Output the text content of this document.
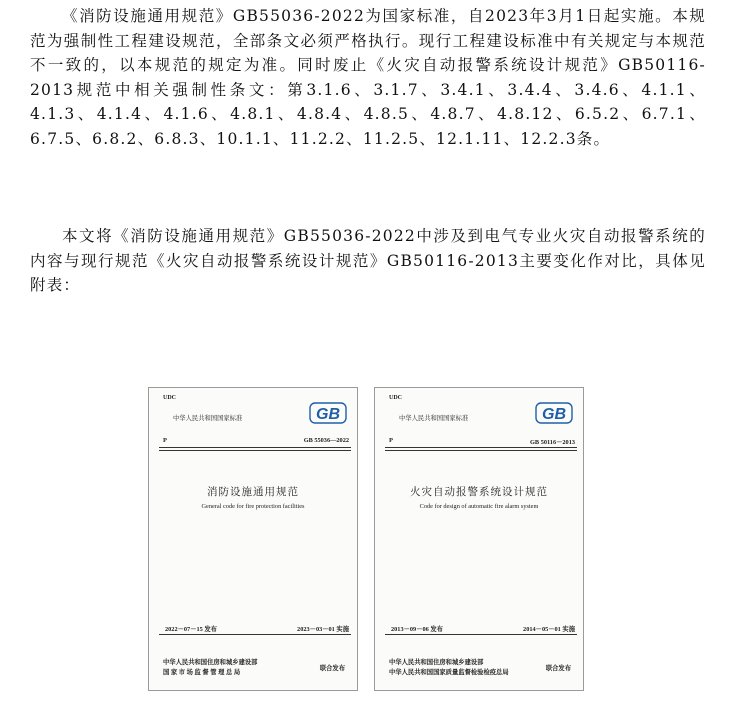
《消防设施通用规范》GB55036-2022为国家标准，自2023年3月1日起实施。本规范为强制性工程建设规范，全部条文必须严格执行。现行工程建设标准中有关规定与本规范不一致的，以本规范的规定为准。同时废止《火灾自动报警系统设计规范》GB50116-2013规范中相关强制性条文：第3.1.6、3.1.7、3.4.1、3.4.4、3.4.6、4.1.1、4.1.3、4.1.4、4.1.6、4.8.1、4.8.4、4.8.5、4.8.7、4.8.12、6.5.2、6.7.1、6.7.5、6.8.2、6.8.3、10.1.1、11.2.2、11.2.5、12.1.11、12.2.3条。

本文将《消防设施通用规范》GB55036-2022中涉及到电气专业火灾自动报警系统的内容与现行规范《火灾自动报警系统设计规范》GB50116-2013主要变化作对比，具体见附表：

UDC
中华人民共和国国家标准	GB
P	GB 55036—2022
消防设施通用规范
General code for fire protection facilities
2022－07－15 发布	2023－03－01 实施
中华人民共和国住房和城乡建设部
国 家 市 场 监 督 管 理 总 局
联合发布
UDC
中华人民共和国国家标准	GB
P	GB 50116－2013
火灾自动报警系统设计规范
Code for design of automatic fire alarm system
2013－09－06 发布	2014－05－01 实施
中华人民共和国住房和城乡建设部
中华人民共和国国家质量监督检验检疫总局
联合发布
